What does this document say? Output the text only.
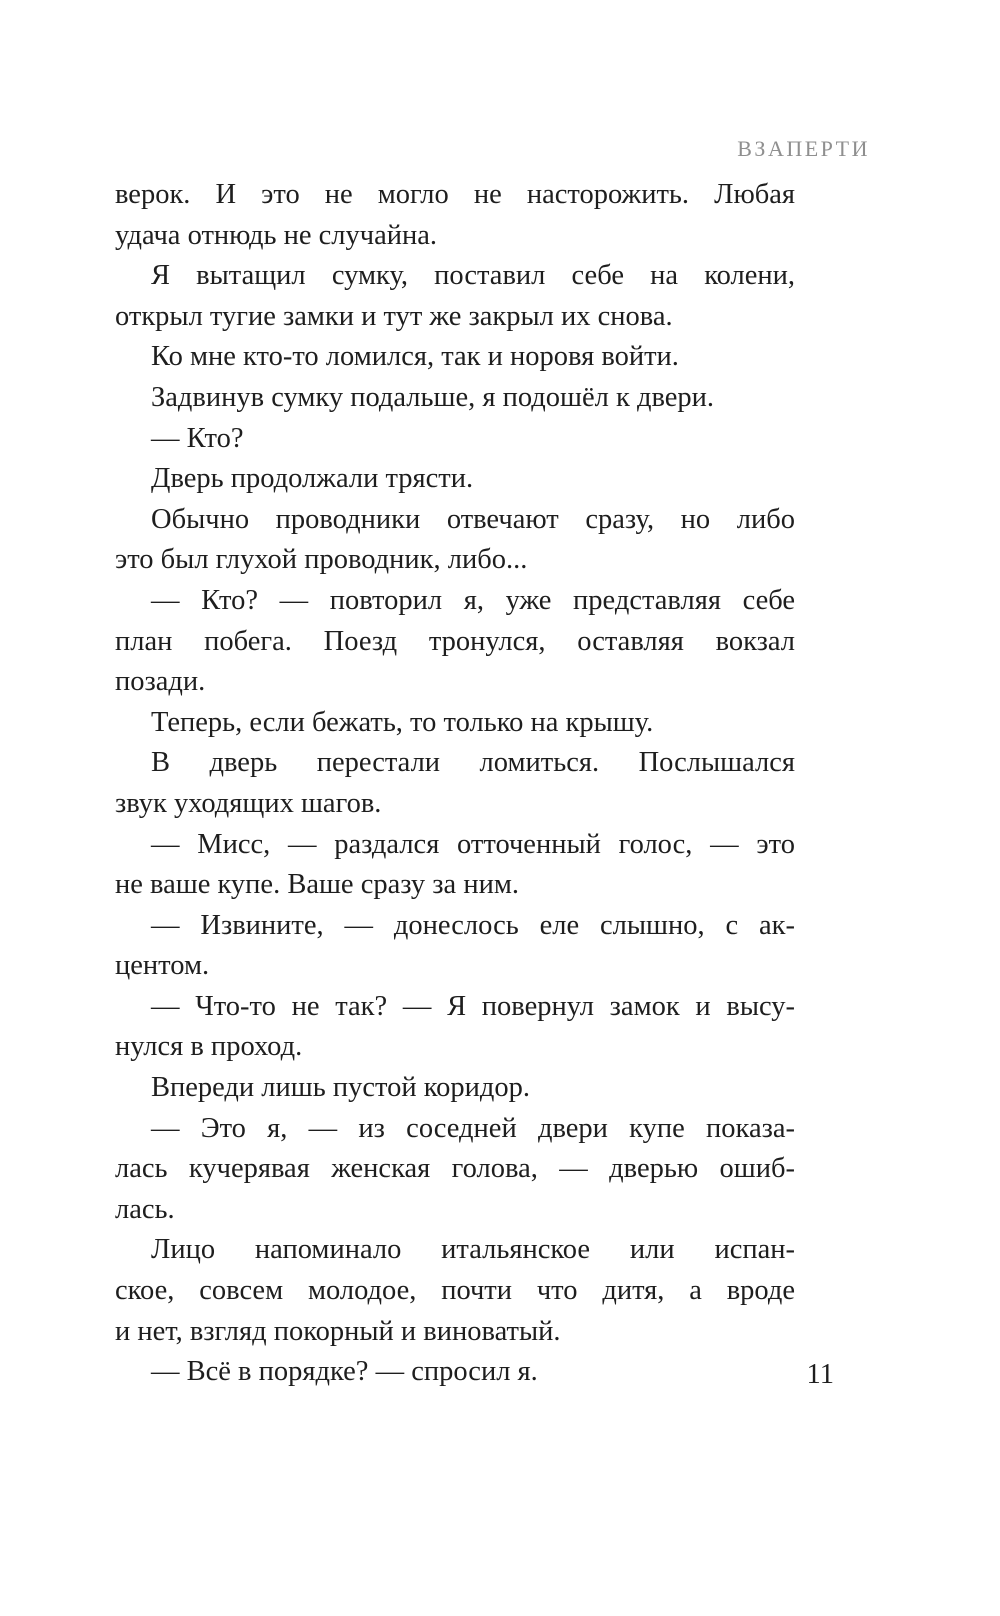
ВЗАПЕРТИ
верок. И это не могло не насторожить. Любая
удача отнюдь не случайна.
Я вытащил сумку, поставил себе на колени,
открыл тугие замки и тут же закрыл их снова.
Ко мне кто-то ломился, так и норовя войти.
Задвинув сумку подальше, я подошёл к двери.
— Кто?
Дверь продолжали трясти.
Обычно проводники отвечают сразу, но либо
это был глухой проводник, либо...
— Кто? — повторил я, уже представляя себе
план побега. Поезд тронулся, оставляя вокзал
позади.
Теперь, если бежать, то только на крышу.
В дверь перестали ломиться. Послышался
звук уходящих шагов.
— Мисс, — раздался отточенный голос, — это
не ваше купе. Ваше сразу за ним.
— Извините, — донеслось еле слышно, с ак-
центом.
— Что-то не так? — Я повернул замок и высу-
нулся в проход.
Впереди лишь пустой коридор.
— Это я, — из соседней двери купе показа-
лась кучерявая женская голова, — дверью ошиб-
лась.
Лицо напоминало итальянское или испан-
ское, совсем молодое, почти что дитя, а вроде
и нет, взгляд покорный и виноватый.
— Всё в порядке? — спросил я.	11
